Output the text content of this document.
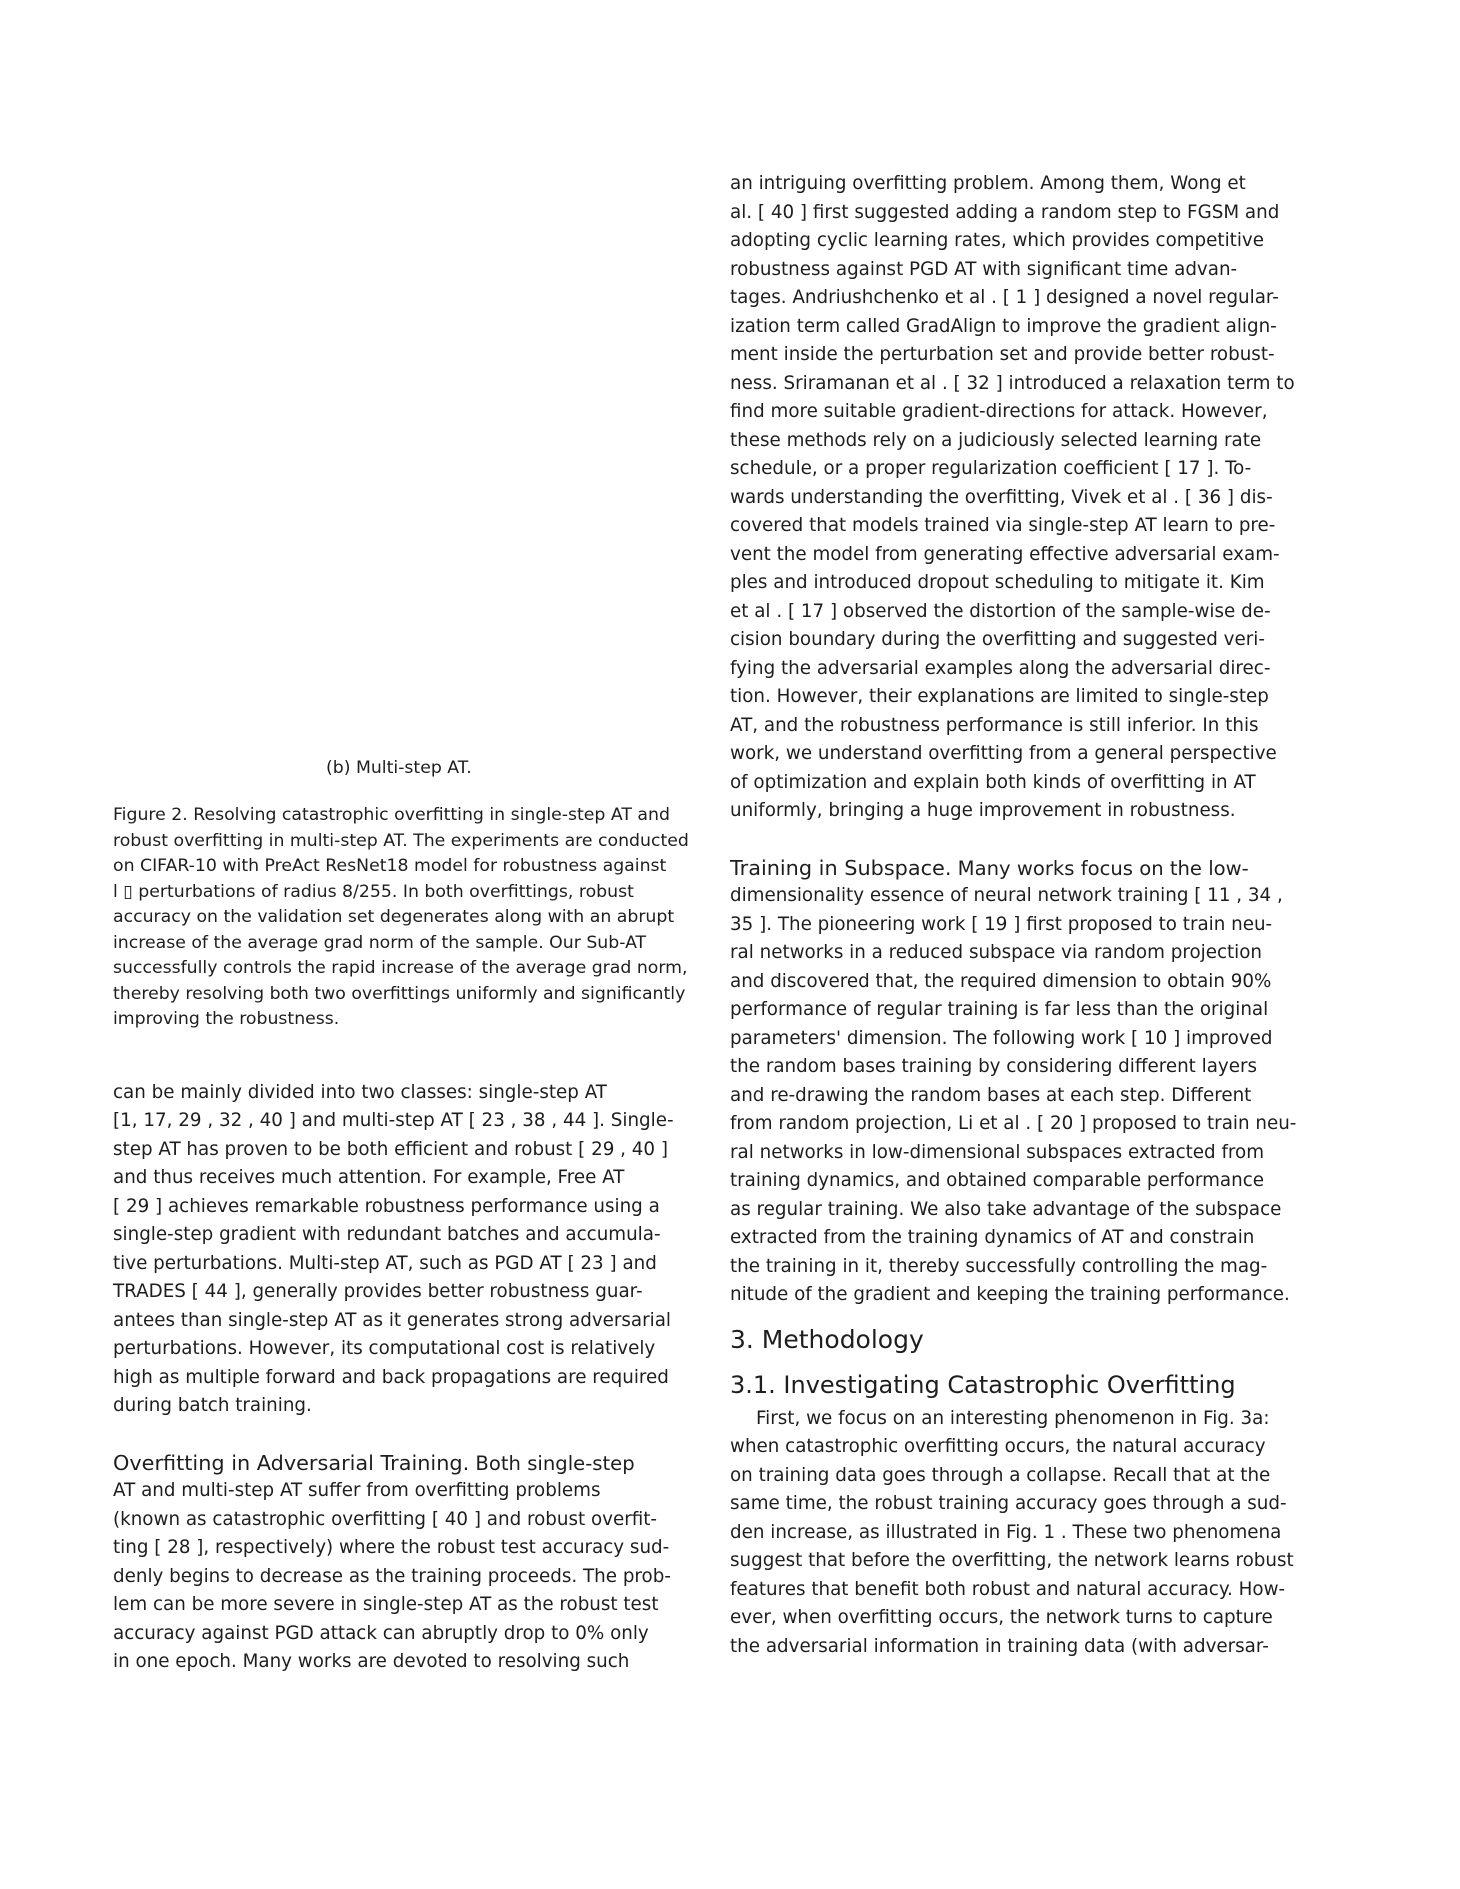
(b) Multi-step AT.
Figure 2. Resolving catastrophic overfitting in single-step AT and
robust overfitting in multi-step AT. The experiments are conducted
on CIFAR-10 with PreAct ResNet18 model for robustness against
l ▯ perturbations of radius 8/255. In both overfittings, robust
accuracy on the validation set degenerates along with an abrupt
increase of the average grad norm of the sample. Our Sub-AT
successfully controls the rapid increase of the average grad norm,
thereby resolving both two overfittings uniformly and significantly
improving the robustness.
can be mainly divided into two classes: single-step AT
[1, 17, 29 , 32 , 40 ] and multi-step AT [ 23 , 38 , 44 ]. Single-
step AT has proven to be both efficient and robust [ 29 , 40 ]
and thus receives much attention. For example, Free AT
[ 29 ] achieves remarkable robustness performance using a
single-step gradient with redundant batches and accumula-
tive perturbations. Multi-step AT, such as PGD AT [ 23 ] and
TRADES [ 44 ], generally provides better robustness guar-
antees than single-step AT as it generates strong adversarial
perturbations. However, its computational cost is relatively
high as multiple forward and back propagations are required
during batch training.
Overfitting in Adversarial Training. Both single-step
AT and multi-step AT suffer from overfitting problems
(known as catastrophic overfitting [ 40 ] and robust overfit-
ting [ 28 ], respectively) where the robust test accuracy sud-
denly begins to decrease as the training proceeds. The prob-
lem can be more severe in single-step AT as the robust test
accuracy against PGD attack can abruptly drop to 0% only
in one epoch. Many works are devoted to resolving such
an intriguing overfitting problem. Among them, Wong et
al. [ 40 ] first suggested adding a random step to FGSM and
adopting cyclic learning rates, which provides competitive
robustness against PGD AT with significant time advan-
tages. Andriushchenko et al . [ 1 ] designed a novel regular-
ization term called GradAlign to improve the gradient align-
ment inside the perturbation set and provide better robust-
ness. Sriramanan et al . [ 32 ] introduced a relaxation term to
find more suitable gradient-directions for attack. However,
these methods rely on a judiciously selected learning rate
schedule, or a proper regularization coefficient [ 17 ]. To-
wards understanding the overfitting, Vivek et al . [ 36 ] dis-
covered that models trained via single-step AT learn to pre-
vent the model from generating effective adversarial exam-
ples and introduced dropout scheduling to mitigate it. Kim
et al . [ 17 ] observed the distortion of the sample-wise de-
cision boundary during the overfitting and suggested veri-
fying the adversarial examples along the adversarial direc-
tion. However, their explanations are limited to single-step
AT, and the robustness performance is still inferior. In this
work, we understand overfitting from a general perspective
of optimization and explain both kinds of overfitting in AT
uniformly, bringing a huge improvement in robustness.
Training in Subspace. Many works focus on the low-
dimensionality essence of neural network training [ 11 , 34 ,
35 ]. The pioneering work [ 19 ] first proposed to train neu-
ral networks in a reduced subspace via random projection
and discovered that, the required dimension to obtain 90%
performance of regular training is far less than the original
parameters' dimension. The following work [ 10 ] improved
the random bases training by considering different layers
and re-drawing the random bases at each step. Different
from random projection, Li et al . [ 20 ] proposed to train neu-
ral networks in low-dimensional subspaces extracted from
training dynamics, and obtained comparable performance
as regular training. We also take advantage of the subspace
extracted from the training dynamics of AT and constrain
the training in it, thereby successfully controlling the mag-
nitude of the gradient and keeping the training performance.
3. Methodology
3.1. Investigating Catastrophic Overfitting
First, we focus on an interesting phenomenon in Fig. 3a:
when catastrophic overfitting occurs, the natural accuracy
on training data goes through a collapse. Recall that at the
same time, the robust training accuracy goes through a sud-
den increase, as illustrated in Fig. 1 . These two phenomena
suggest that before the overfitting, the network learns robust
features that benefit both robust and natural accuracy. How-
ever, when overfitting occurs, the network turns to capture
the adversarial information in training data (with adversar-
